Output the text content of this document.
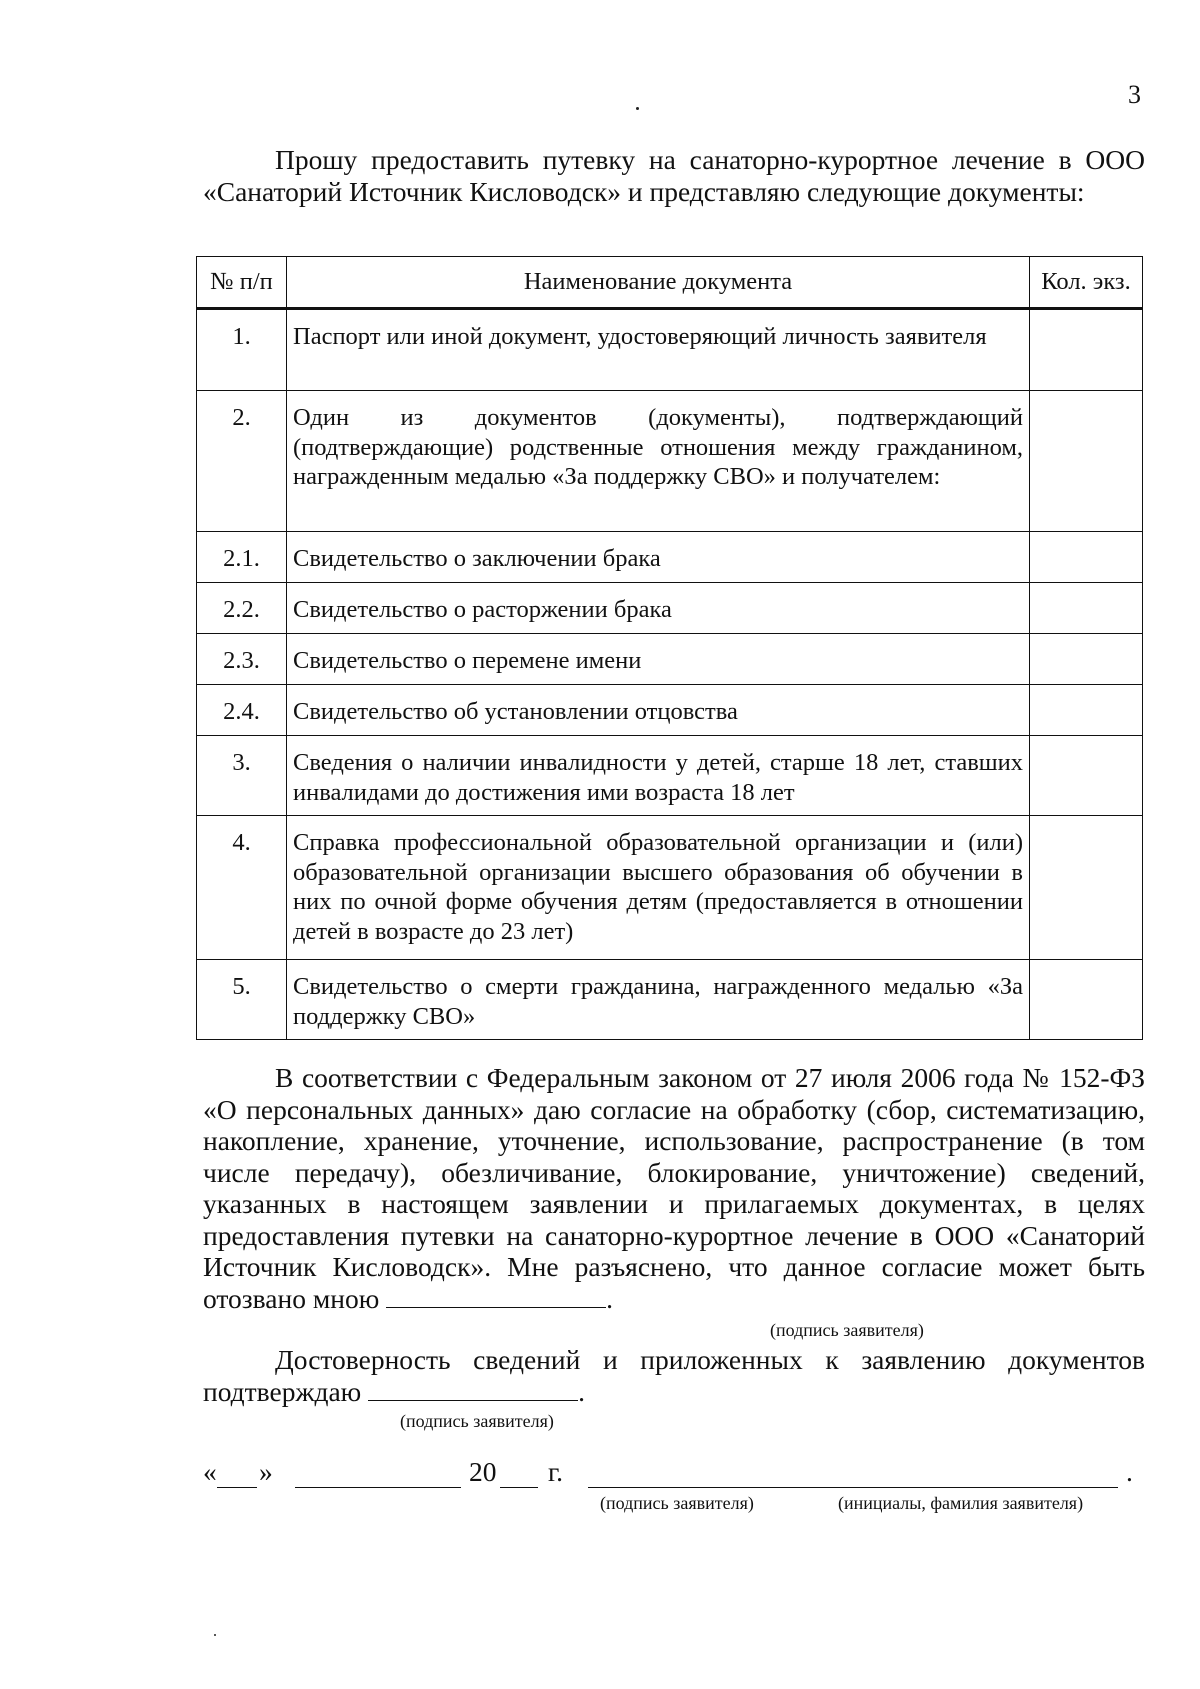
3
Прошу предоставить путевку на санаторно-курортное лечение в ООО «Санаторий Источник Кисловодск» и представляю следующие документы:
№ п/п	Наименование документа	Кол. экз.
1.	Паспорт или иной документ, удостоверяющий личность заявителя	
2.	Один из документов (документы), подтверждающий (подтверждающие) родственные отношения между гражданином, награжденным медалью «За поддержку СВО» и получателем:	
2.1.	Свидетельство о заключении брака	
2.2.	Свидетельство о расторжении брака	
2.3.	Свидетельство о перемене имени	
2.4.	Свидетельство об установлении отцовства	
3.	Сведения о наличии инвалидности у детей, старше 18 лет, ставших инвалидами до достижения ими возраста 18 лет	
4.	Справка профессиональной образовательной организации и (или) образовательной организации высшего образования об обучении в них по очной форме обучения детям (предоставляется в отношении детей в возрасте до 23 лет)	
5.	Свидетельство о смерти гражданина, награжденного медалью «За поддержку СВО»	
В соответствии с Федеральным законом от 27 июля 2006 года № 152-ФЗ «О персональных данных» даю согласие на обработку (сбор, систематизацию, накопление, хранение, уточнение, использование, распространение (в том числе передачу), обезличивание, блокирование, уничтожение) сведений, указанных в настоящем заявлении и прилагаемых документах, в целях предоставления путевки на санаторно-курортное лечение в ООО «Санаторий Источник Кисловодск». Мне разъяснено, что данное согласие может быть отозвано мною	.
(подпись заявителя)
Достоверность сведений и приложенных к заявлению документов подтверждаю	.
(подпись заявителя)
« »	20 г.	.
(подпись заявителя)	(инициалы, фамилия заявителя)
